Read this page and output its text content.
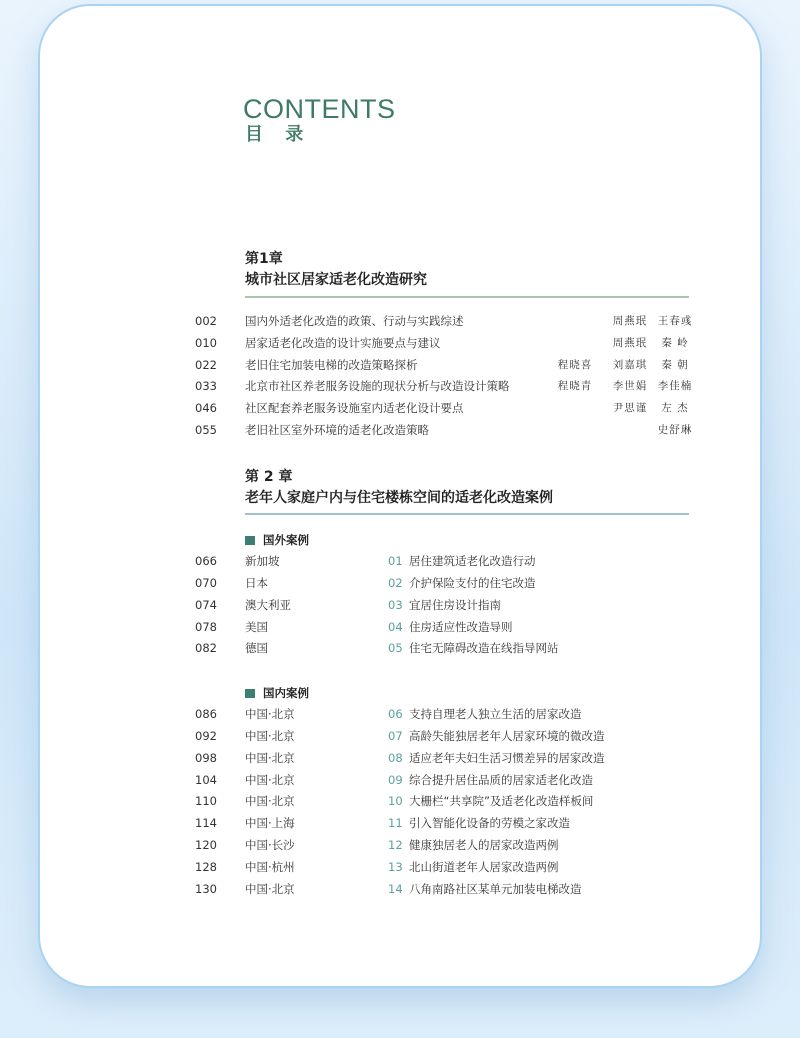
CONTENTS
目 录
第1章
城市社区居家适老化改造研究
002	国内外适老化改造的政策、行动与实践综述	周燕珉 王春彧
010	居家适老化改造的设计实施要点与建议	周燕珉	秦 岭
022	老旧住宅加装电梯的改造策略探析	程晓喜 刘嘉琪	秦 朝
033	北京市社区养老服务设施的现状分析与改造设计策略	程晓青 李世娟 李佳楠
046	社区配套养老服务设施室内适老化设计要点	尹思谨	左 杰
055	老旧社区室外环境的适老化改造策略	史舒琳
第 2 章
老年人家庭户内与住宅楼栋空间的适老化改造案例
国外案例
066	新加坡	01 居住建筑适老化改造行动
070	日本	02 介护保险支付的住宅改造
074	澳大利亚	03 宜居住房设计指南
078	美国	04 住房适应性改造导则
082	德国	05 住宅无障碍改造在线指导网站
国内案例
086	中国·北京	06 支持自理老人独立生活的居家改造
092	中国·北京	07 高龄失能独居老年人居家环境的微改造
098	中国·北京	08 适应老年夫妇生活习惯差异的居家改造
104	中国·北京	09 综合提升居住品质的居家适老化改造
110	中国·北京	10 大栅栏“共享院”及适老化改造样板间
114	中国·上海	11 引入智能化设备的劳模之家改造
120	中国·长沙	12 健康独居老人的居家改造两例
128	中国·杭州	13 北山街道老年人居家改造两例
130	中国·北京	14 八角南路社区某单元加装电梯改造
